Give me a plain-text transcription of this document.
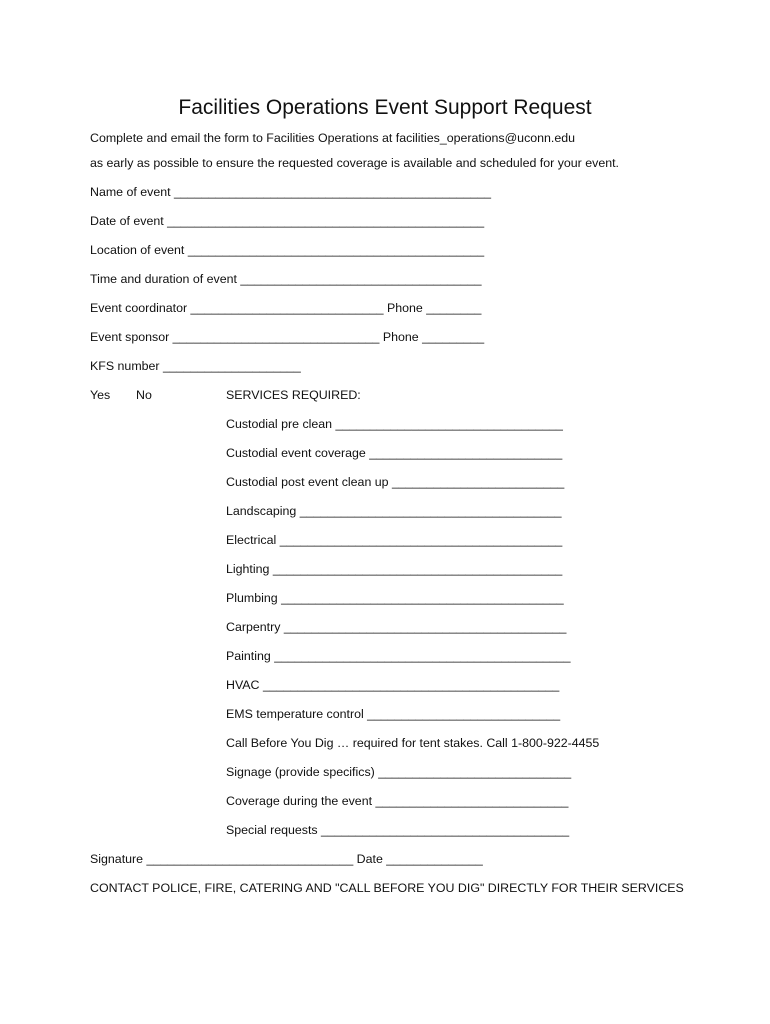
Facilities Operations Event Support Request
Complete and email the form to Facilities Operations at facilities_operations@uconn.edu
as early as possible to ensure the requested coverage is available and scheduled for your event.
Name of event ______________________________________________
Date of event ______________________________________________
Location of event ___________________________________________
Time and duration of event ___________________________________
Event coordinator ____________________________ Phone ________
Event sponsor ______________________________ Phone _________
KFS number ____________________
Yes No	SERVICES REQUIRED:
Custodial pre clean _________________________________
Custodial event coverage ____________________________
Custodial post event clean up _________________________
Landscaping ______________________________________
Electrical _________________________________________
Lighting __________________________________________
Plumbing _________________________________________
Carpentry _________________________________________
Painting ___________________________________________
HVAC ___________________________________________
EMS temperature control ____________________________
Call Before You Dig … required for tent stakes. Call 1-800-922-4455
Signage (provide specifics) ____________________________
Coverage during the event ____________________________
Special requests ____________________________________
Signature ______________________________ Date ______________
CONTACT POLICE, FIRE, CATERING AND "CALL BEFORE YOU DIG" DIRECTLY FOR THEIR SERVICES
